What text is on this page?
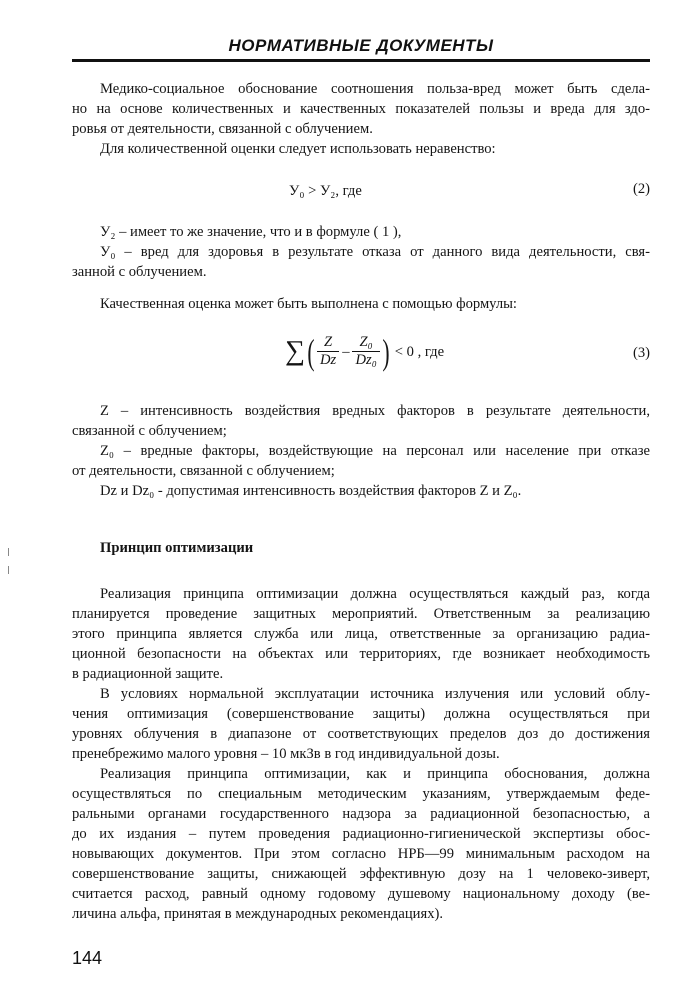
НОРМАТИВНЫЕ ДОКУМЕНТЫ
Медико-социальное обоснование соотношения польза-вред может быть сдела-
но на основе количественных и качественных показателей пользы и вреда для здо-
ровья от деятельности, связанной с облучением.
Для количественной оценки следует использовать неравенство:
У₀ > У₂, где	(2)
У₂ – имеет то же значение, что и в формуле ( 1 ),
У₀ – вред для здоровья в результате отказа от данного вида деятельности, свя-
занной с облучением.
Качественная оценка может быть выполнена с помощью формулы:
∑( $\frac{Z}{Dz} - \frac{\text{Z₀}}{\text{Dz₀}}$ ) < 0 , где	(3)
Z – интенсивность воздействия вредных факторов в результате деятельности,
связанной с облучением;
Z₀ – вредные факторы, воздействующие на персонал или население при отказе
от деятельности, связанной с облучением;
Dz и Dz₀ - допустимая интенсивность воздействия факторов Z и Z₀.
Принцип оптимизации
Реализация принципа оптимизации должна осуществляться каждый раз, когда
планируется проведение защитных мероприятий. Ответственным за реализацию
этого принципа является служба или лица, ответственные за организацию радиа-
ционной безопасности на объектах или территориях, где возникает необходимость
в радиационной защите.
В условиях нормальной эксплуатации источника излучения или условий облу-
чения оптимизация (совершенствование защиты) должна осуществляться при
уровнях облучения в диапазоне от соответствующих пределов доз до достижения
пренебрежимо малого уровня – 10 мкЗв в год индивидуальной дозы.
Реализация принципа оптимизации, как и принципа обоснования, должна
осуществляться по специальным методическим указаниям, утверждаемым феде-
ральными органами государственного надзора за радиационной безопасностью, а
до их издания – путем проведения радиационно-гигиенической экспертизы обос-
новывающих документов. При этом согласно НРБ—99 минимальным расходом на
совершенствование защиты, снижающей эффективную дозу на 1 человеко-зиверт,
считается расход, равный одному годовому душевому национальному доходу (ве-
личина альфа, принятая в международных рекомендациях).
144
